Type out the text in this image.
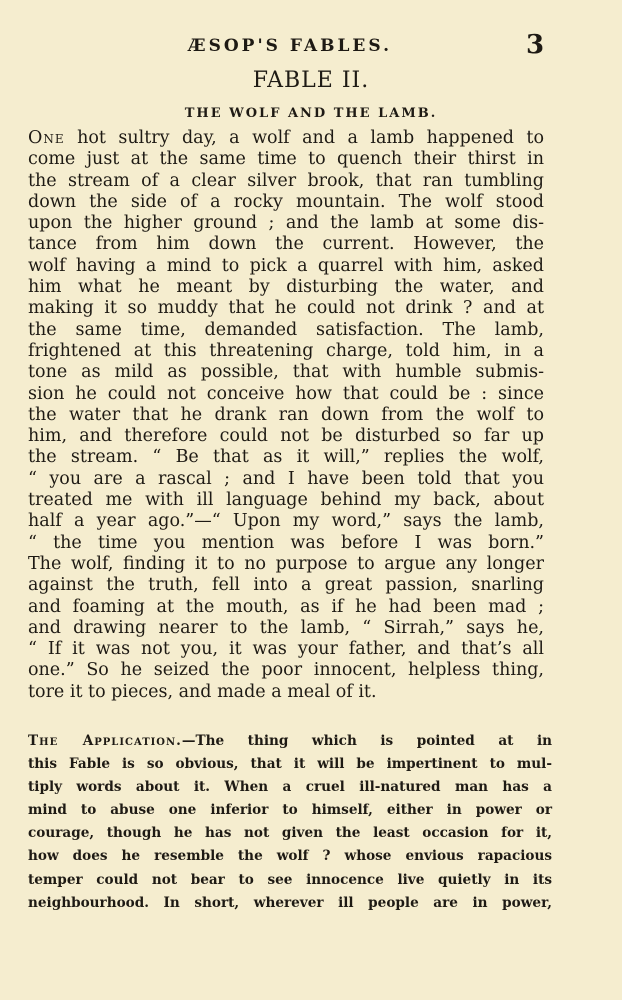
ÆSOP'S FABLES.	3
FABLE II.
THE WOLF AND THE LAMB.
One hot sultry day, a wolf and a lamb happened to
come just at the same time to quench their thirst in
the stream of a clear silver brook, that ran tumbling
down the side of a rocky mountain. The wolf stood
upon the higher ground ; and the lamb at some dis-
tance from him down the current. However, the
wolf having a mind to pick a quarrel with him, asked
him what he meant by disturbing the water, and
making it so muddy that he could not drink ? and at
the same time, demanded satisfaction. The lamb,
frightened at this threatening charge, told him, in a
tone as mild as possible, that with humble submis-
sion he could not conceive how that could be : since
the water that he drank ran down from the wolf to
him, and therefore could not be disturbed so far up
the stream. “ Be that as it will,” replies the wolf,
“ you are a rascal ; and I have been told that you
treated me with ill language behind my back, about
half a year ago.”—“ Upon my word,” says the lamb,
“ the time you mention was before I was born.”
The wolf, finding it to no purpose to argue any longer
against the truth, fell into a great passion, snarling
and foaming at the mouth, as if he had been mad ;
and drawing nearer to the lamb, “ Sirrah,” says he,
“ If it was not you, it was your father, and that’s all
one.” So he seized the poor innocent, helpless thing,
tore it to pieces, and made a meal of it.
The Application.—The thing which is pointed at in
this Fable is so obvious, that it will be impertinent to mul-
tiply words about it. When a cruel ill-natured man has a
mind to abuse one inferior to himself, either in power or
courage, though he has not given the least occasion for it,
how does he resemble the wolf ? whose envious rapacious
temper could not bear to see innocence live quietly in its
neighbourhood. In short, wherever ill people are in power,
